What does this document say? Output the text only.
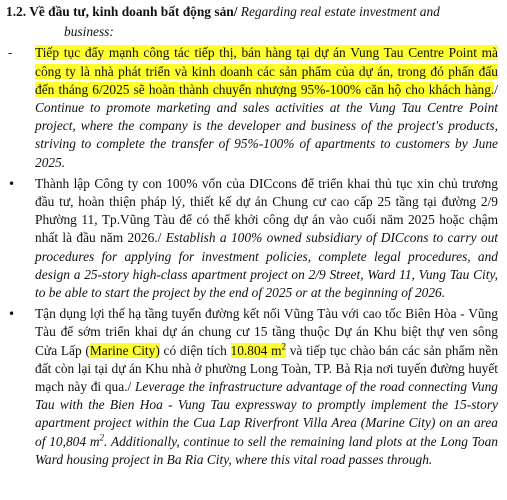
1.2. Về đầu tư, kinh doanh bất động sản/ Regarding real estate investment and
business:
- Tiếp tục đẩy mạnh công tác tiếp thị, bán hàng tại dự án Vung Tau Centre Point mà công ty là nhà phát triển và kinh doanh các sản phẩm của dự án, trong đó phấn đấu đến tháng 6/2025 sẽ hoàn thành chuyển nhượng 95%-100% căn hộ cho khách hàng./ Continue to promote marketing and sales activities at the Vung Tau Centre Point project, where the company is the developer and business of the project's products, striving to complete the transfer of 95%-100% of apartments to customers by June 2025.
• Thành lập Công ty con 100% vốn của DICcons để triển khai thủ tục xin chủ trương đầu tư, hoàn thiện pháp lý, thiết kế dự án Chung cư cao cấp 25 tầng tại đường 2/9 Phường 11, Tp.Vũng Tàu để có thể khởi công dự án vào cuối năm 2025 hoặc chậm nhất là đầu năm 2026./ Establish a 100% owned subsidiary of DICcons to carry out procedures for applying for investment policies, complete legal procedures, and design a 25-story high-class apartment project on 2/9 Street, Ward 11, Vung Tau City, to be able to start the project by the end of 2025 or at the beginning of 2026.
• Tận dụng lợi thế hạ tầng tuyến đường kết nối Vũng Tàu với cao tốc Biên Hòa - Vũng Tàu để sớm triển khai dự án chung cư 15 tầng thuộc Dự án Khu biệt thự ven sông Cửa Lấp (Marine City) có diện tích 10.804 $m^2$ và tiếp tục chào bán các sản phẩm nền đất còn lại tại dự án Khu nhà ở phường Long Toàn, TP. Bà Rịa nơi tuyến đường huyết mạch này đi qua./ Leverage the infrastructure advantage of the road connecting Vung Tau with the Bien Hoa - Vung Tau expressway to promptly implement the 15-story apartment project within the Cua Lap Riverfront Villa Area (Marine City) on an area of 10,804 $m^2$. Additionally, continue to sell the remaining land plots at the Long Toan Ward housing project in Ba Ria City, where this vital road passes through.
